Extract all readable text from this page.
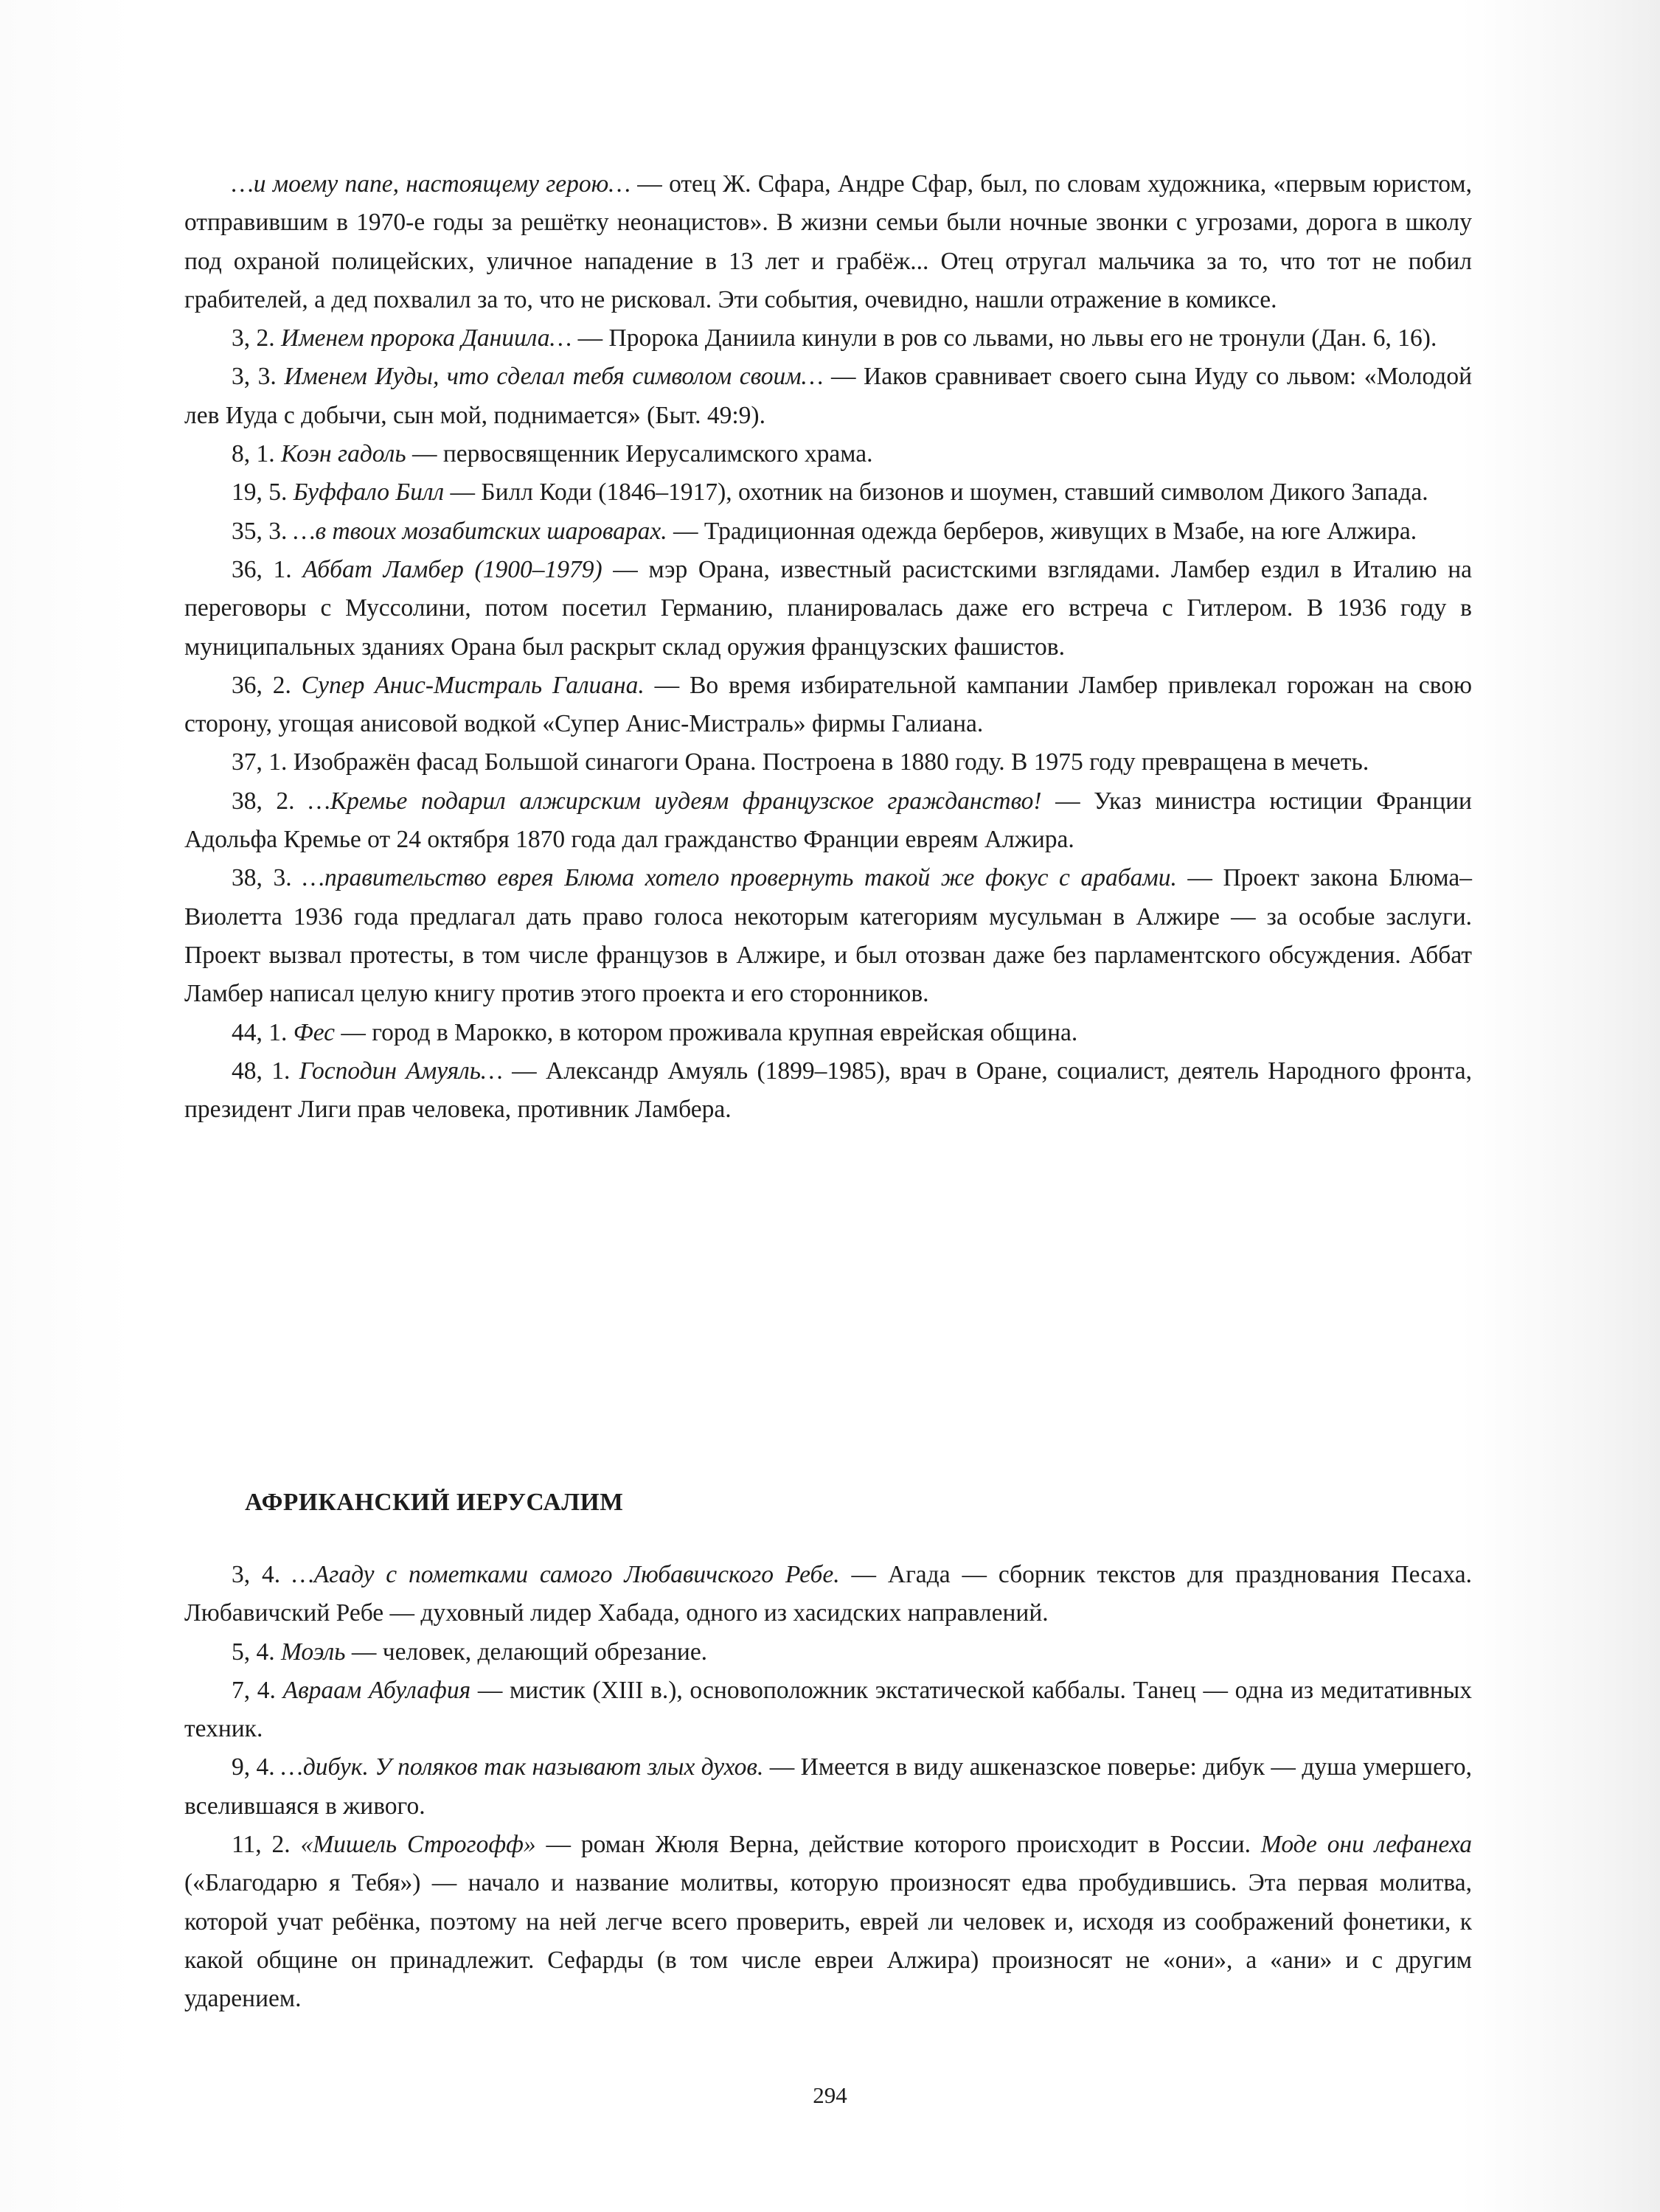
…и моему папе, настоящему герою… — отец Ж. Сфара, Андре Сфар, был, по словам художника, «первым юристом, отправившим в 1970-е годы за решётку неонацистов». В жизни семьи были ночные звонки с угрозами, дорога в школу под охраной полицейских, уличное нападение в 13 лет и грабёж... Отец отругал мальчика за то, что тот не побил грабителей, а дед похвалил за то, что не рисковал. Эти события, очевидно, нашли отражение в комиксе.

3, 2. Именем пророка Даниила… — Пророка Даниила кинули в ров со львами, но львы его не тронули (Дан. 6, 16).

3, 3. Именем Иуды, что сделал тебя символом своим… — Иаков сравнивает своего сына Иуду со львом: «Молодой лев Иуда с добычи, сын мой, поднимается» (Быт. 49:9).

8, 1. Коэн гадоль — первосвященник Иерусалимского храма.

19, 5. Буффало Билл — Билл Коди (1846–1917), охотник на бизонов и шоумен, ставший символом Дикого Запада.

35, 3. …в твоих мозабитских шароварах. — Традиционная одежда берберов, живущих в Мзабе, на юге Алжира.

36, 1. Аббат Ламбер (1900–1979) — мэр Орана, известный расистскими взглядами. Ламбер ездил в Италию на переговоры с Муссолини, потом посетил Германию, планировалась даже его встреча с Гитлером. В 1936 году в муниципальных зданиях Орана был раскрыт склад оружия французских фашистов.

36, 2. Супер Анис-Мистраль Галиана. — Во время избирательной кампании Ламбер привлекал горожан на свою сторону, угощая анисовой водкой «Супер Анис-Мистраль» фирмы Галиана.

37, 1. Изображён фасад Большой синагоги Орана. Построена в 1880 году. В 1975 году превращена в мечеть.

38, 2. …Кремье подарил алжирским иудеям французское гражданство! — Указ министра юстиции Франции Адольфа Кремье от 24 октября 1870 года дал гражданство Франции евреям Алжира.

38, 3. …правительство еврея Блюма хотело провернуть такой же фокус с арабами. — Проект закона Блюма–Виолетта 1936 года предлагал дать право голоса некоторым категориям мусульман в Алжире — за особые заслуги. Проект вызвал протесты, в том числе французов в Алжире, и был отозван даже без парламентского обсуждения. Аббат Ламбер написал целую книгу против этого проекта и его сторонников.

44, 1. Фес — город в Марокко, в котором проживала крупная еврейская община.

48, 1. Господин Амуяль… — Александр Амуяль (1899–1985), врач в Оране, социалист, деятель Народного фронта, президент Лиги прав человека, противник Ламбера.

АФРИКАНСКИЙ ИЕРУСАЛИМ

3, 4. …Агаду с пометками самого Любавичского Ребе. — Агада — сборник текстов для празднования Песаха. Любавичский Ребе — духовный лидер Хабада, одного из хасидских направлений.

5, 4. Моэль — человек, делающий обрезание.

7, 4. Авраам Абулафия — мистик (XIII в.), основоположник экстатической каббалы. Танец — одна из медитативных техник.

9, 4. …дибук. У поляков так называют злых духов. — Имеется в виду ашкеназское поверье: дибук — душа умершего, вселившаяся в живого.

11, 2. «Мишель Строгофф» — роман Жюля Верна, действие которого происходит в России. Моде они лефанеха («Благодарю я Тебя») — начало и название молитвы, которую произносят едва пробудившись. Эта первая молитва, которой учат ребёнка, поэтому на ней легче всего проверить, еврей ли человек и, исходя из соображений фонетики, к какой общине он принадлежит. Сефарды (в том числе евреи Алжира) произносят не «они», а «ани» и с другим ударением.

294
